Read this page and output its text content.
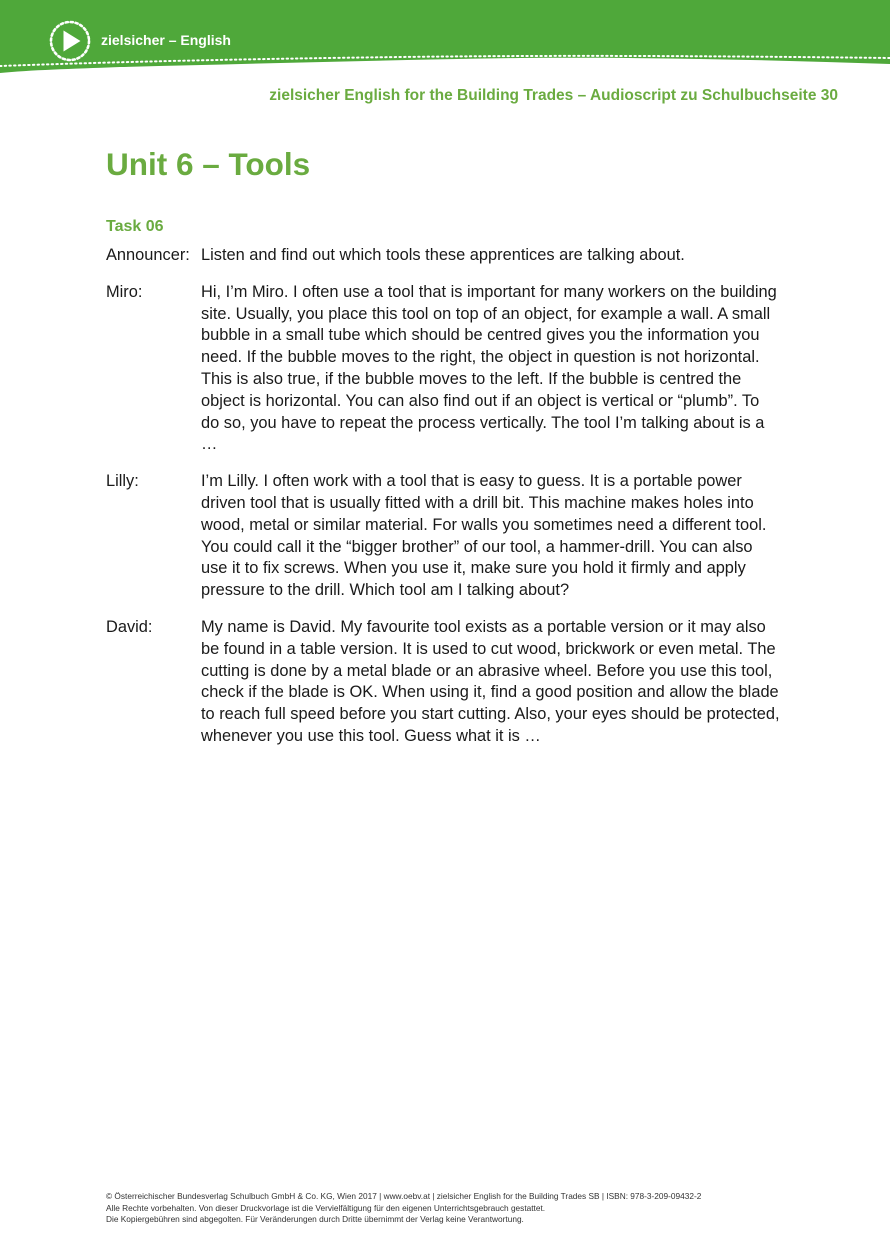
zielsicher – English
zielsicher English for the Building Trades – Audioscript zu Schulbuchseite 30
Unit 6 – Tools
Task 06
Announcer: Listen and find out which tools these apprentices are talking about.
Miro:	Hi, I’m Miro. I often use a tool that is important for many workers on the building
site. Usually, you place this tool on top of an object, for example a wall. A small
bubble in a small tube which should be centred gives you the information you
need. If the bubble moves to the right, the object in question is not horizontal.
This is also true, if the bubble moves to the left. If the bubble is centred the
object is horizontal. You can also find out if an object is vertical or “plumb”. To
do so, you have to repeat the process vertically. The tool I’m talking about is a
…
Lilly:	I’m Lilly. I often work with a tool that is easy to guess. It is a portable power
driven tool that is usually fitted with a drill bit. This machine makes holes into
wood, metal or similar material. For walls you sometimes need a different tool.
You could call it the “bigger brother” of our tool, a hammer-drill. You can also
use it to fix screws. When you use it, make sure you hold it firmly and apply
pressure to the drill. Which tool am I talking about?
David:	My name is David. My favourite tool exists as a portable version or it may also
be found in a table version. It is used to cut wood, brickwork or even metal. The
cutting is done by a metal blade or an abrasive wheel. Before you use this tool,
check if the blade is OK. When using it, find a good position and allow the blade
to reach full speed before you start cutting. Also, your eyes should be protected,
whenever you use this tool. Guess what it is …
© Österreichischer Bundesverlag Schulbuch GmbH & Co. KG, Wien 2017 | www.oebv.at | zielsicher English for the Building Trades SB | ISBN: 978-3-209-09432-2
Alle Rechte vorbehalten. Von dieser Druckvorlage ist die Vervielfältigung für den eigenen Unterrichtsgebrauch gestattet.
Die Kopiergebühren sind abgegolten. Für Veränderungen durch Dritte übernimmt der Verlag keine Verantwortung.
